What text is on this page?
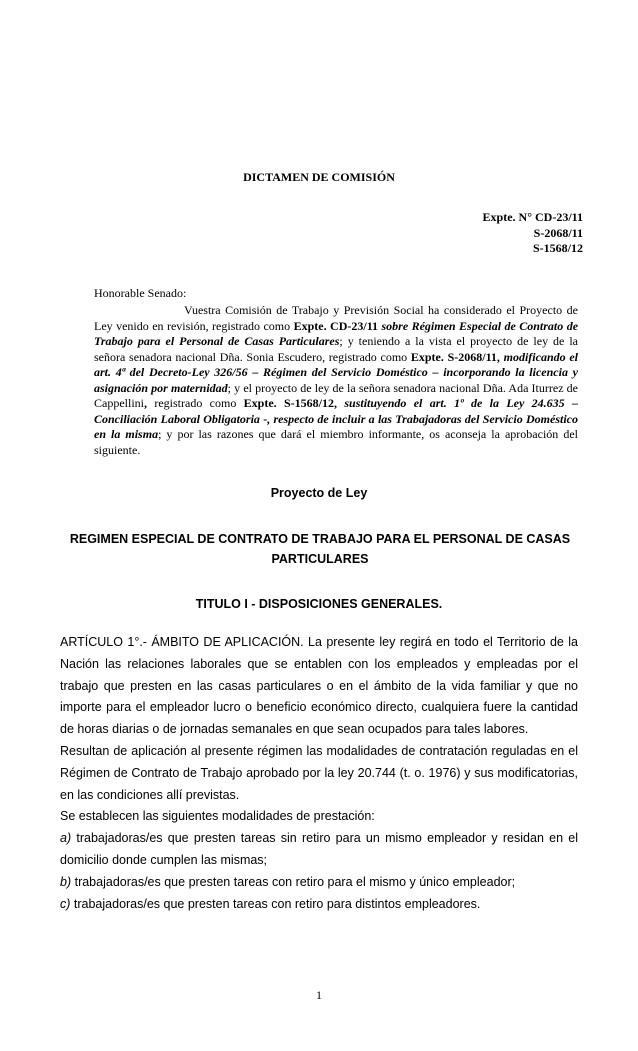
DICTAMEN DE COMISIÓN
Expte. N° CD-23/11
S-2068/11
S-1568/12
Honorable Senado:
Vuestra Comisión de Trabajo y Previsión Social ha considerado el Proyecto de Ley venido en revisión, registrado como Expte. CD-23/11 sobre Régimen Especial de Contrato de Trabajo para el Personal de Casas Particulares; y teniendo a la vista el proyecto de ley de la señora senadora nacional Dña. Sonia Escudero, registrado como Expte. S-2068/11, modificando el art. 4ª del Decreto-Ley 326/56 – Régimen del Servicio Doméstico – incorporando la licencia y asignación por maternidad; y el proyecto de ley de la señora senadora nacional Dña. Ada Iturrez de Cappellini, registrado como Expte. S-1568/12, sustituyendo el art. 1º de la Ley 24.635 – Conciliación Laboral Obligatoria -, respecto de incluir a las Trabajadoras del Servicio Doméstico en la misma; y por las razones que dará el miembro informante, os aconseja la aprobación del siguiente.
Proyecto de Ley
REGIMEN ESPECIAL DE CONTRATO DE TRABAJO PARA EL PERSONAL DE CASAS PARTICULARES
TITULO I - DISPOSICIONES GENERALES.

ARTÍCULO 1°.- ÁMBITO DE APLICACIÓN. La presente ley regirá en todo el Territorio de la Nación las relaciones laborales que se entablen con los empleados y empleadas por el trabajo que presten en las casas particulares o en el ámbito de la vida familiar y que no importe para el empleador lucro o beneficio económico directo, cualquiera fuere la cantidad de horas diarias o de jornadas semanales en que sean ocupados para tales labores.

Resultan de aplicación al presente régimen las modalidades de contratación reguladas en el Régimen de Contrato de Trabajo aprobado por la ley 20.744 (t. o. 1976) y sus modificatorias, en las condiciones allí previstas.

Se establecen las siguientes modalidades de prestación:

a) trabajadoras/es que presten tareas sin retiro para un mismo empleador y residan en el domicilio donde cumplen las mismas;

b) trabajadoras/es que presten tareas con retiro para el mismo y único empleador;

c) trabajadoras/es que presten tareas con retiro para distintos empleadores.

1
